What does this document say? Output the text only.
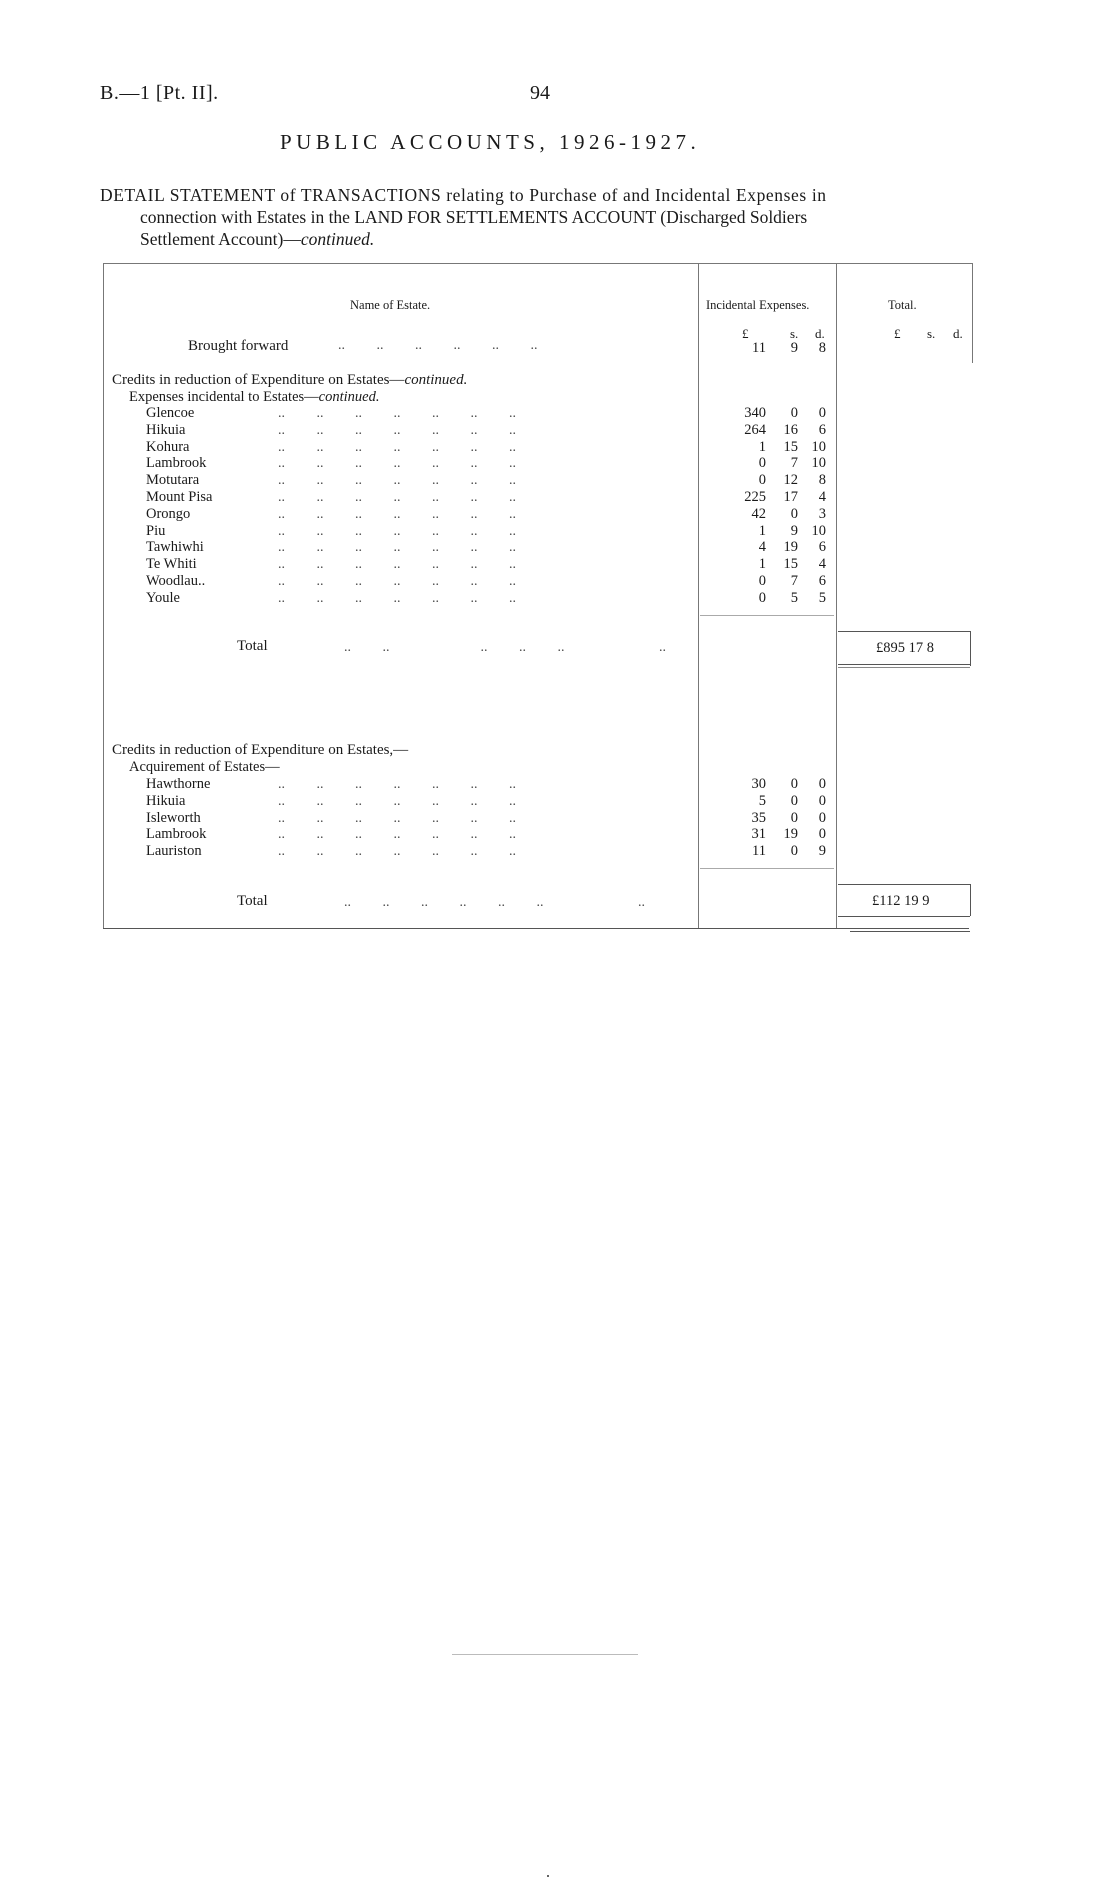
B.—1 [Pt. II].	94
PUBLIC ACCOUNTS, 1926-1927.
DETAIL STATEMENT of TRANSACTIONS relating to Purchase of and Incidental Expenses in
connection with Estates in the LAND FOR SETTLEMENTS ACCOUNT (Discharged Soldiers
Settlement Account)—continued.
Name of Estate.	Incidental Expenses.	Total.
£	s. d.	£ s. d.
Brought forward	..         ..         ..         ..         ..         ..	11	9	8
Credits in reduction of Expenditure on Estates—continued.
Expenses incidental to Estates—continued.
Glencoe	..         ..         ..         ..         ..         ..         ..	340	0	0
Hikuia	..         ..         ..         ..         ..         ..         ..	264	16	6
Kohura	..         ..         ..         ..         ..         ..         ..	1	15 10
Lambrook	..         ..         ..         ..         ..         ..         ..	0	7 10
Motutara	..         ..         ..         ..         ..         ..         ..	0	12	8
Mount Pisa	..         ..         ..         ..         ..         ..         ..	225	17	4
Orongo	..         ..         ..         ..         ..         ..         ..	42	0	3
Piu	..         ..         ..         ..         ..         ..         ..	1	9 10
Tawhiwhi	..         ..         ..         ..         ..         ..         ..	4	19	6
Te Whiti	..         ..         ..         ..         ..         ..         ..	1	15	4
Woodlau..	..         ..         ..         ..         ..         ..         ..	0	7	6
Youle	..         ..         ..         ..         ..         ..         ..	0	5	5
Total	..         ..                          ..         ..         ..                           ..	£895 17 8
Credits in reduction of Expenditure on Estates,—
Acquirement of Estates—
Hawthorne	..         ..         ..         ..         ..         ..         ..	30	0	0
Hikuia	..         ..         ..         ..         ..         ..         ..	5	0	0
Isleworth	..         ..         ..         ..         ..         ..         ..	35	0	0
Lambrook	..         ..         ..         ..         ..         ..         ..	31	19	0
Lauriston	..         ..         ..         ..         ..         ..         ..	11	0	9
Total	..         ..         ..         ..         ..         ..                           ..	£112 19 9
